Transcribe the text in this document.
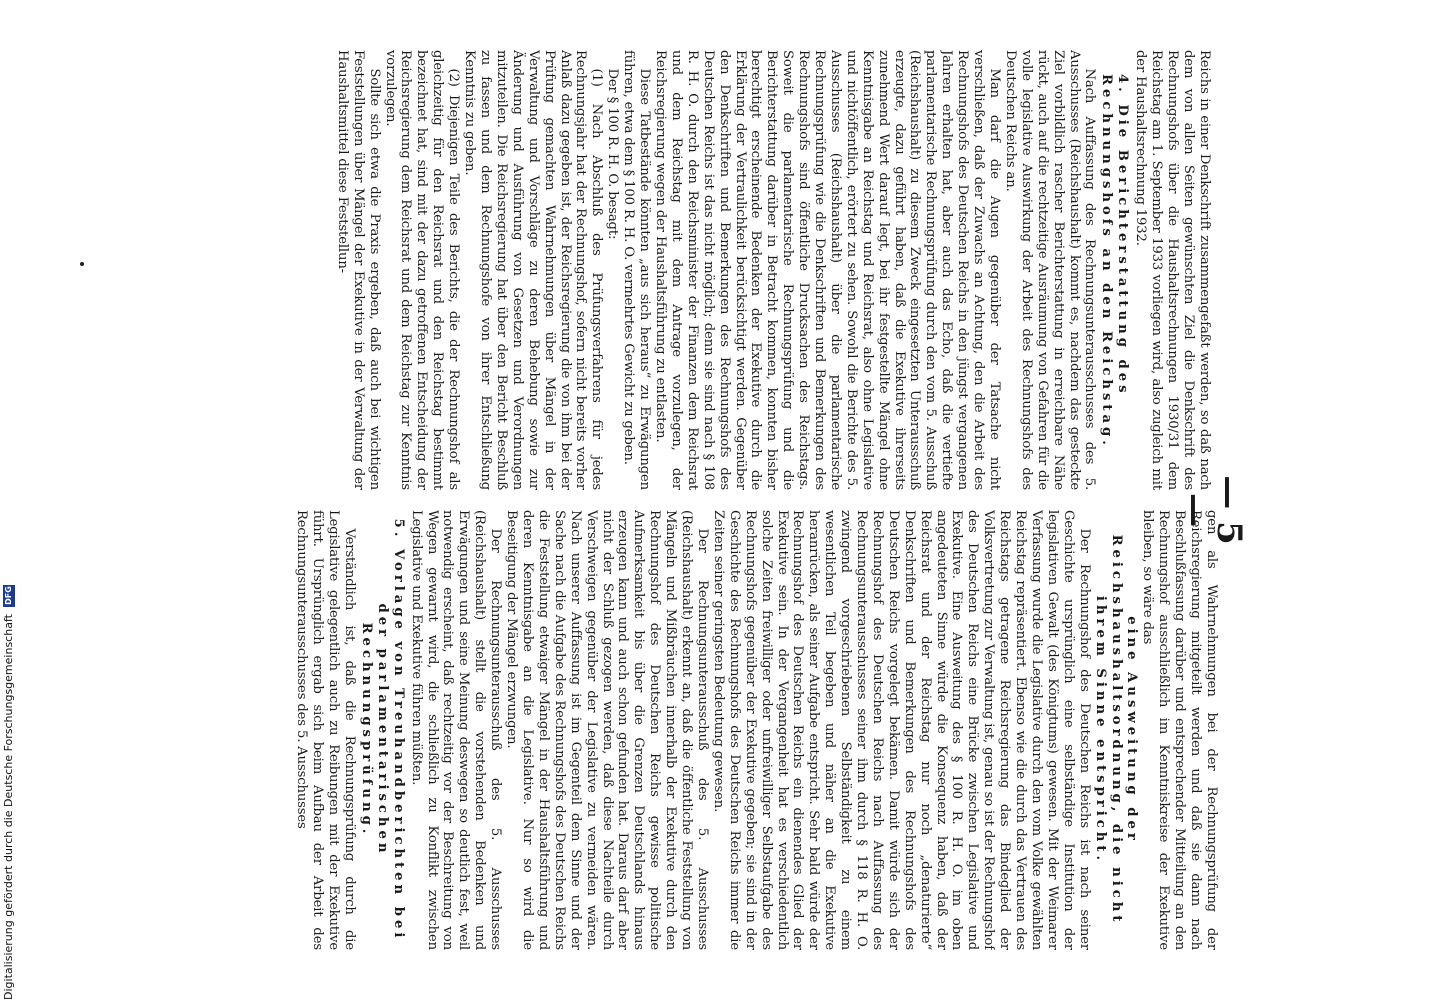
— 5 —

Reichs in einer Denkschrift zusammengefaßt werden, so daß nach dem von allen Seiten gewünschten Ziel die Denkschrift des Rechnungshofs über die Haushaltsrechnungen 1930/31 dem Reichstag am 1. September 1933 vorliegen wird, also zugleich mit der Haushaltsrechnung 1932.

4. Die Berichterstattung des Rechnungshofs an den Reichstag.

Nach Auffassung des Rechnungsunterausschusses des 5. Ausschusses (Reichshaushalt) kommt es, nachdem das gesteckte Ziel vorbildlich rascher Berichterstattung in erreichbare Nähe rückt, auch auf die rechtzeitige Ausräumung von Gefahren für die volle legislative Auswirkung der Arbeit des Rechnungshofs des Deutschen Reichs an.

Man darf die Augen gegenüber der Tatsache nicht verschließen, daß der Zuwachs an Achtung, den die Arbeit des Rechnungshofs des Deutschen Reichs in den jüngst vergangenen Jahren erhalten hat, aber auch das Echo, daß die vertiefte parlamentarische Rechnungsprüfung durch den vom 5. Ausschuß (Reichshaushalt) zu diesem Zweck eingesetzten Unterausschuß erzeugte, dazu geführt haben, daß die Exekutive ihrerseits zunehmend Wert darauf legt, bei ihr festgestellte Mängel ohne Kenntnisgabe an Reichstag und Reichsrat, also ohne Legislative und nichtöffentlich, erörtert zu sehen. Sowohl die Berichte des 5. Ausschusses (Reichshaushalt) über die parlamentarische Rechnungsprüfung wie die Denkschriften und Bemerkungen des Rechnungshofs sind öffentliche Drucksachen des Reichstags. Soweit die parlamentarische Rechnungsprüfung und die Berichterstattung darüber in Betracht kommen, konnten bisher berechtigt erscheinende Bedenken der Exekutive durch die Erklärung der Vertraulichkeit berücksichtigt werden. Gegenüber den Denkschriften und Bemerkungen des Rechnungshofs des Deutschen Reichs ist das nicht möglich; denn sie sind nach § 108 R. H. O. durch den Reichsminister der Finanzen dem Reichsrat und dem Reichstag mit dem Antrage vorzulegen, der Reichsregierung wegen der Haushaltsführung zu entlasten.

Diese Tatbestände könnten „aus sich heraus“ zu Erwägungen führen, etwa dem § 100 R. H. O. vermehrtes Gewicht zu geben.

Der § 100 R. H. O. besagt:

(1) Nach Abschluß des Prüfungsverfahrens für jedes Rechnungsjahr hat der Rechnungshof, sofern nicht bereits vorher Anlaß dazu gegeben ist, der Reichsregierung die von ihm bei der Prüfung gemachten Wahrnehmungen über Mängel in der Verwaltung und Vorschläge zu deren Behebung sowie zur Änderung und Ausführung von Gesetzen und Verordnungen mitzuteilen. Die Reichsregierung hat über den Bericht Beschluß zu fassen und dem Rechnungshofe von ihrer Entschließung Kenntnis zu geben.

(2) Diejenigen Teile des Berichts, die der Rechnungshof als gleichzeitig für den Reichsrat und den Reichstag bestimmt bezeichnet hat, sind mit der dazu getroffenen Entscheidung der Reichsregierung dem Reichsrat und dem Reichstag zur Kenntnis vorzulegen.

Sollte sich etwa die Praxis ergeben, daß auch bei wichtigen Feststellungen über Mängel der Exekutive in der Verwaltung der Haushaltsmittel diese Feststellun-

gen als Wahrnehmungen bei der Rechnungsprüfung der Reichsregierung mitgeteilt werden und daß sie dann nach Beschlußfassung darüber und entsprechender Mitteilung an den Rechnungshof ausschließlich im Kenntniskreise der Exekutive bleiben, so wäre das

eine Ausweitung der Reichshaushaltsordnung, die nicht ihrem Sinne entspricht.

Der Rechnungshof des Deutschen Reichs ist nach seiner Geschichte ursprünglich eine selbständige Institution der legislativen Gewalt (des Königtums) gewesen. Mit der Weimarer Verfassung wurde die Legislative durch den vom Volke gewählten Reichstag repräsentiert. Ebenso wie die durch das Vertrauen des Reichstags getragene Reichsregierung das Bindeglied der Volksvertretung zur Verwaltung ist, genau so ist der Rechnungshof des Deutschen Reichs eine Brücke zwischen Legislative und Exekutive. Eine Ausweitung des § 100 R. H. O. im oben angedeuteten Sinne würde die Konsequenz haben, daß der Reichsrat und der Reichstag nur noch „denaturierte“ Denkschriften und Bemerkungen des Rechnungshofs des Deutschen Reichs vorgelegt bekämen. Damit würde sich der Rechnungshof des Deutschen Reichs nach Auffassung des Rechnungsunterausschusses seiner ihm durch § 118 R. H. O. zwingend vorgeschriebenen Selbständigkeit zu einem wesentlichen Teil begeben und näher an die Exekutive heranrücken, als seiner Aufgabe entspricht. Sehr bald würde der Rechnungshof des Deutschen Reichs ein dienendes Glied der Exekutive sein. In der Vergangenheit hat es verschiedentlich solche Zeiten freiwilliger oder unfreiwilliger Selbstaufgabe des Rechnungshofs gegenüber der Exekutive gegeben; sie sind in der Geschichte des Rechnungshofs des Deutschen Reichs immer die Zeiten seiner geringsten Bedeutung gewesen.

Der Rechnungsunterausschuß des 5. Ausschusses (Reichshaushalt) erkennt an, daß die öffentliche Feststellung von Mängeln und Mißbräuchen innerhalb der Exekutive durch den Rechnungshof des Deutschen Reichs gewisse politische Aufmerksamkeit bis über die Grenzen Deutschlands hinaus erzeugen kann und auch schon gefunden hat. Daraus darf aber nicht der Schluß gezogen werden, daß diese Nachteile durch Verschweigen gegenüber der Legislative zu vermeiden wären. Nach unserer Auffassung ist im Gegenteil dem Sinne und der Sache nach die Aufgabe des Rechnungshofs des Deutschen Reichs die Feststellung etwaiger Mängel in der Haushaltsführung und deren Kenntnisgabe an die Legislative. Nur so wird die Beseitigung der Mängel erzwungen.

Der Rechnungsunterausschuß des 5. Ausschusses (Reichshaushalt) stellt die vorstehenden Bedenken und Erwägungen und seine Meinung deswegen so deutlich fest, weil notwendig erscheint, daß rechtzeitig vor der Beschreitung von Wegen gewarnt wird, die schließlich zu Konflikt zwischen Legislative und Exekutive führen müßten.

5. Vorlage von Treuhandberichten bei der parlamentarischen Rechnungsprüfung.

Verständlich ist, daß die Rechnungsprüfung durch die Legislative gelegentlich auch zu Reibungen mit der Exekutive führt. Ursprünglich ergab sich beim Aufbau der Arbeit des Rechnungsunterausschusses des 5. Ausschusses

Digitalisierung gefördert durch die Deutsche Forschungsgemeinschaft DFG
